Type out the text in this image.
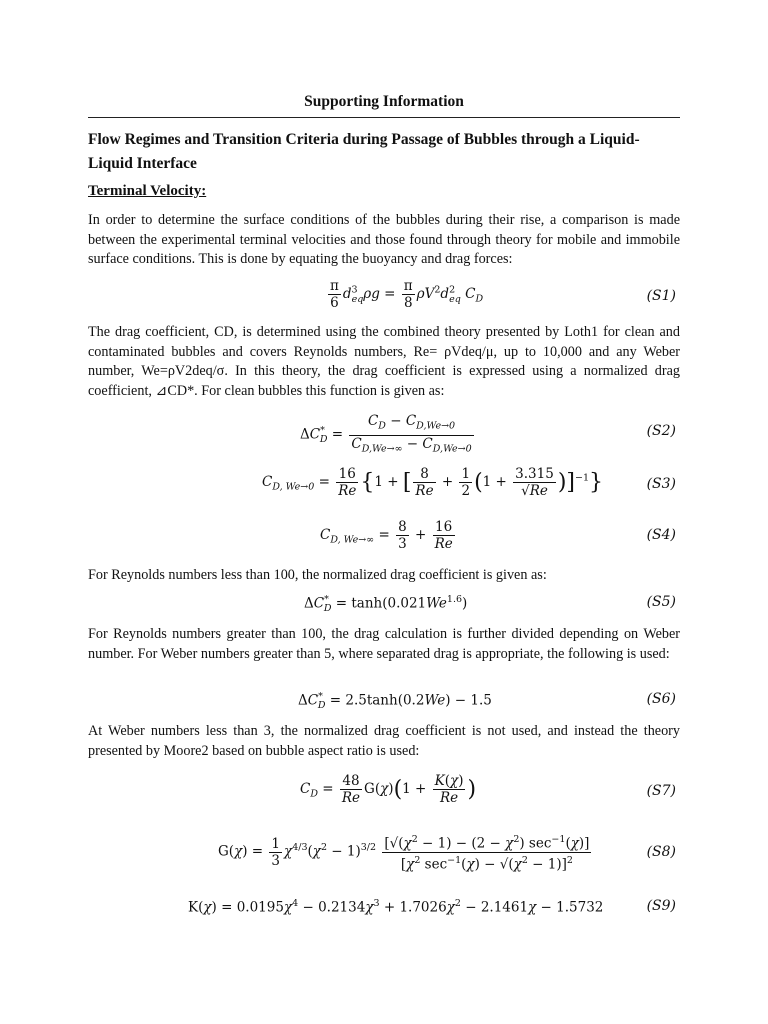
Supporting Information
Flow Regimes and Transition Criteria during Passage of Bubbles through a Liquid-Liquid Interface
Terminal Velocity:
In order to determine the surface conditions of the bubbles during their rise, a comparison is made between the experimental terminal velocities and those found through theory for mobile and immobile surface conditions. This is done by equating the buoyancy and drag forces:
$\frac{\pi}{6} d^3_{eq}\rho g = \frac{\pi}{8} \rho V^2d^2_{eq}$ $C_D$	(S1)
The drag coefficient, CD, is determined using the combined theory presented by Loth1 for clean and contaminated bubbles and covers Reynolds numbers, Re= ρVdeq/μ, up to 10,000 and any Weber number, We=ρV2deq/σ. In this theory, the drag coefficient is expressed using a normalized drag coefficient, ⊿CD*. For clean bubbles this function is given as:
$\Delta C^*_D = \frac{C_D - C_{D,We\to 0}}{C_{D,We\to\infty} - C_{D,We\to 0}}$	(S2)
$C_{D, We\to 0} = \frac{16}{Re} \{1$ + [ $\frac{8}{Re} + \frac{1}{2} (1 + \frac{3.315}{√Re} )]^{-1}$}	(S3)
$C_{D, We\to\infty} = \frac{8}{3} + \frac{16}{Re}$	(S4)
For Reynolds numbers less than 100, the normalized drag coefficient is given as:
$\Delta C^*_D = \tanh(0.021We^{1.6})$	(S5)
For Reynolds numbers greater than 100, the drag calculation is further divided depending on Weber number. For Weber numbers greater than 5, where separated drag is appropriate, the following is used:
$\Delta C^*_D = 2.5\tanh(0.2We) - 1.5$	(S6)
At Weber numbers less than 3, the normalized drag coefficient is not used, and instead the theory presented by Moore2 based on bubble aspect ratio is used:
$C_D = \frac{48}{Re} G(\chi)(1 + \frac{K(\chi)}{Re}$ )	(S7)
$G(\chi) = \frac{1}{3} \chi^{4/3}(\chi^2 - 1)^{3/2} \frac{[√(\chi^2 - 1) - (2 - \chi^2) \sec^{-1}(\chi)]}{[\chi^2 \sec^{-1}(\chi) - √(\chi^2 - 1)]^2}$	(S8)
$K(\chi) = 0.0195\chi^4 - 0.2134\chi^3 + 1.7026\chi^2 - 2.1461\chi - 1.5732$	(S9)
